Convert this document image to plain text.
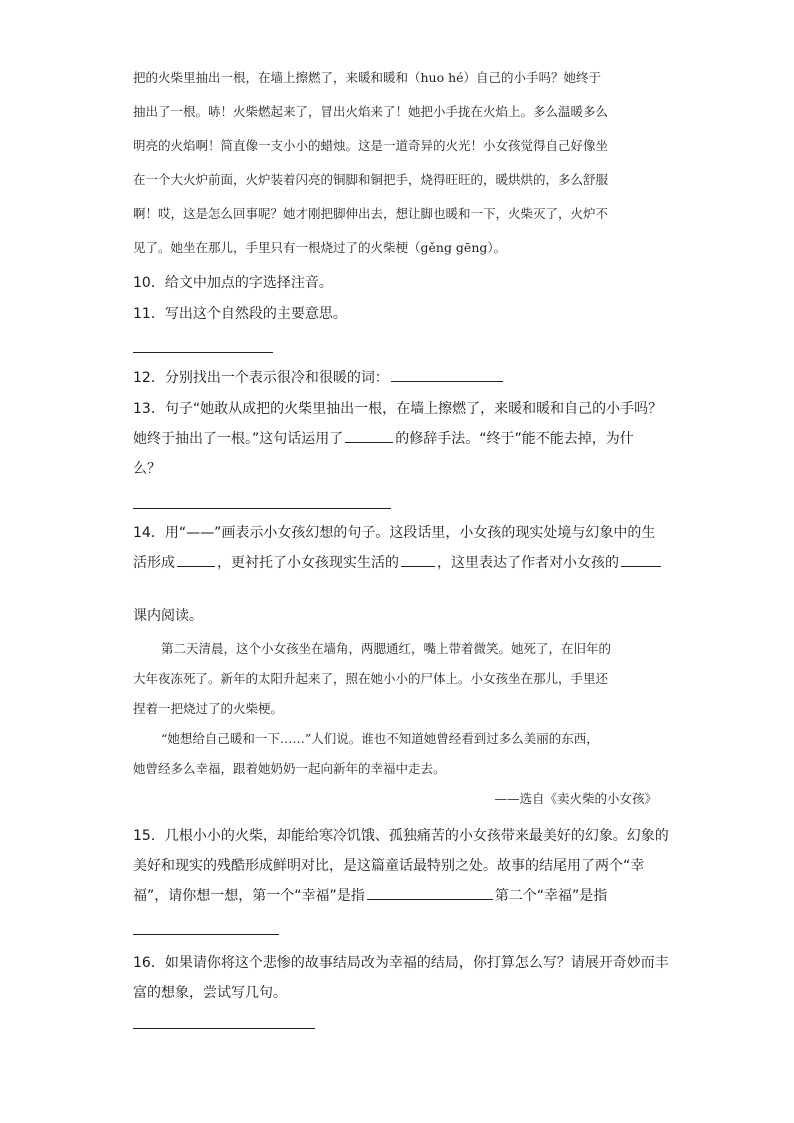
把的火柴里抽出一根，在墙上擦燃了，来暖和暖和（huo hé）自己的小手吗？她终于
抽出了一根。哧！火柴燃起来了，冒出火焰来了！她把小手拢在火焰上。多么温暖多么
明亮的火焰啊！简直像一支小小的蜡烛。这是一道奇异的火光！小女孩觉得自己好像坐
在一个大火炉前面，火炉装着闪亮的铜脚和铜把手，烧得旺旺的，暖烘烘的，多么舒服
啊！哎，这是怎么回事呢？她才刚把脚伸出去，想让脚也暖和一下，火柴灭了，火炉不
见了。她坐在那儿，手里只有一根烧过了的火柴梗（gěng gēng）。
10．给文中加点的字选择注音。
11．写出这个自然段的主要意思。
12．分别找出一个表示很冷和很暖的词：
13．句子“她敢从成把的火柴里抽出一根，在墙上擦燃了，来暖和暖和自己的小手吗？
她终于抽出了一根。”这句话运用了	的修辞手法。“终于”能不能去掉，为什
么？
14．用“——”画表示小女孩幻想的句子。这段话里，小女孩的现实处境与幻象中的生
活形成	，更衬托了小女孩现实生活的	，这里表达了作者对小女孩的
课内阅读。
第二天清晨，这个小女孩坐在墙角，两腮通红，嘴上带着微笑。她死了，在旧年的
大年夜冻死了。新年的太阳升起来了，照在她小小的尸体上。小女孩坐在那儿，手里还
捏着一把烧过了的火柴梗。
“她想给自己暖和一下……”人们说。谁也不知道她曾经看到过多么美丽的东西，
她曾经多么幸福，跟着她奶奶一起向新年的幸福中走去。
——选自《卖火柴的小女孩》
15．几根小小的火柴，却能给寒冷饥饿、孤独痛苦的小女孩带来最美好的幻象。幻象的
美好和现实的残酷形成鲜明对比，是这篇童话最特别之处。故事的结尾用了两个“幸
福”，请你想一想，第一个“幸福”是指	第二个“幸福”是指
16．如果请你将这个悲惨的故事结局改为幸福的结局，你打算怎么写？请展开奇妙而丰
富的想象，尝试写几句。
